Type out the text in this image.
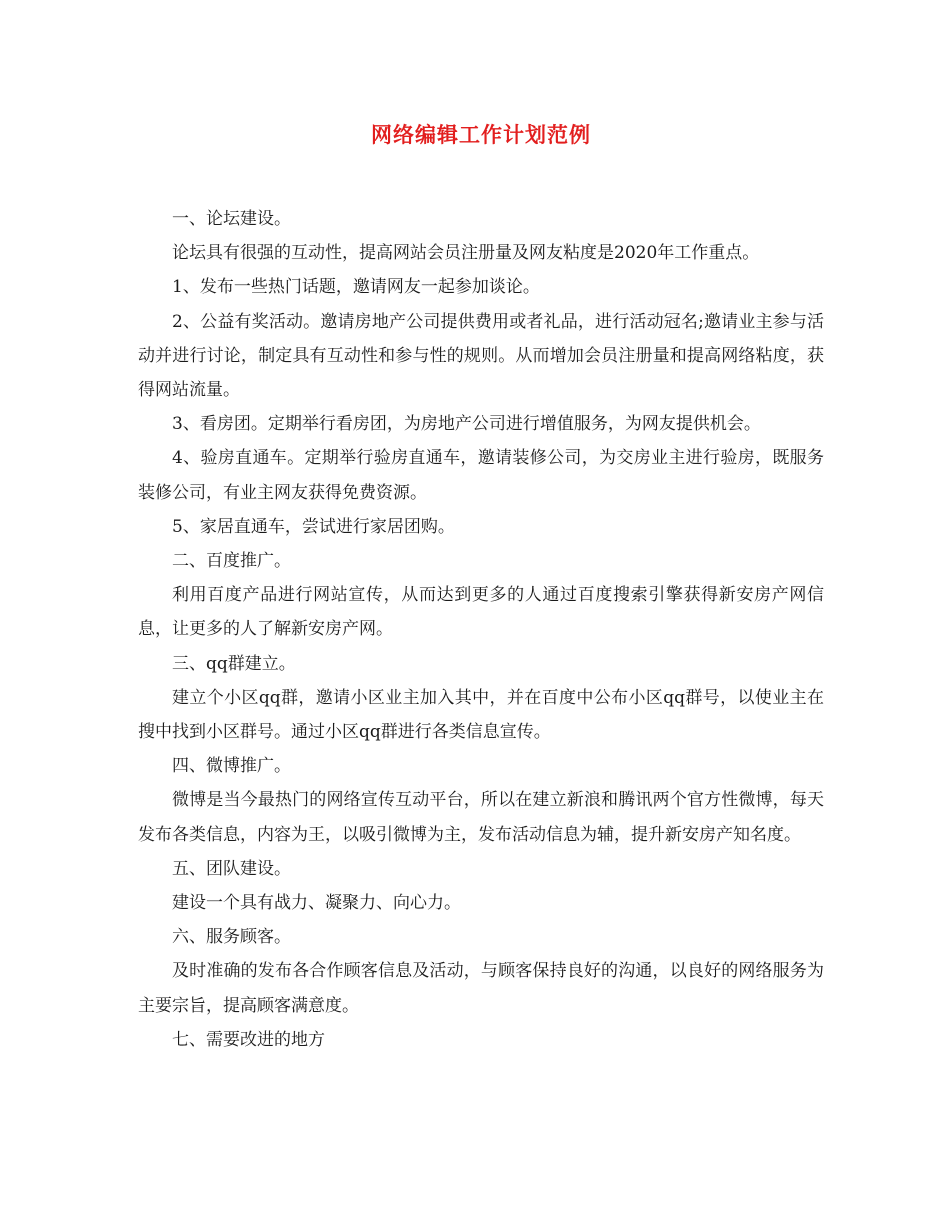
网络编辑工作计划范例

一、论坛建设。

论坛具有很强的互动性，提高网站会员注册量及网友粘度是2020年工作重点。

1、发布一些热门话题，邀请网友一起参加谈论。

2、公益有奖活动。邀请房地产公司提供费用或者礼品，进行活动冠名;邀请业主参与活动并进行讨论，制定具有互动性和参与性的规则。从而增加会员注册量和提高网络粘度，获得网站流量。

3、看房团。定期举行看房团，为房地产公司进行增值服务，为网友提供机会。

4、验房直通车。定期举行验房直通车，邀请装修公司，为交房业主进行验房，既服务装修公司，有业主网友获得免费资源。

5、家居直通车，尝试进行家居团购。

二、百度推广。

利用百度产品进行网站宣传，从而达到更多的人通过百度搜索引擎获得新安房产网信息，让更多的人了解新安房产网。

三、qq群建立。

建立个小区qq群，邀请小区业主加入其中，并在百度中公布小区qq群号，以使业主在搜中找到小区群号。通过小区qq群进行各类信息宣传。

四、微博推广。

微博是当今最热门的网络宣传互动平台，所以在建立新浪和腾讯两个官方性微博，每天发布各类信息，内容为王，以吸引微博为主，发布活动信息为辅，提升新安房产知名度。

五、团队建设。

建设一个具有战力、凝聚力、向心力。

六、服务顾客。

及时准确的发布各合作顾客信息及活动，与顾客保持良好的沟通，以良好的网络服务为主要宗旨，提高顾客满意度。

七、需要改进的地方
